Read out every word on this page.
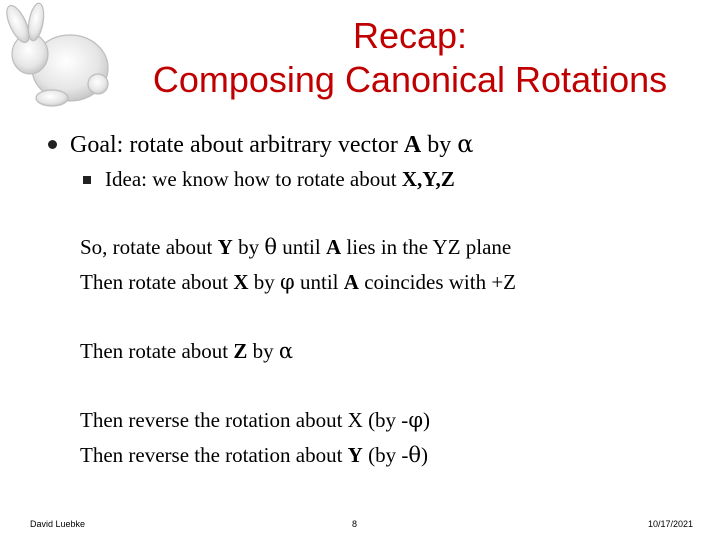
Recap:
Composing Canonical Rotations
Goal: rotate about arbitrary vector A by α
Idea: we know how to rotate about X,Y,Z
So, rotate about Y by θ until A lies in the YZ plane
Then rotate about X by φ until A coincides with +Z
Then rotate about Z by α
Then reverse the rotation about X (by -φ)
Then reverse the rotation about Y (by -θ)
David Luebke	8	10/17/2021
